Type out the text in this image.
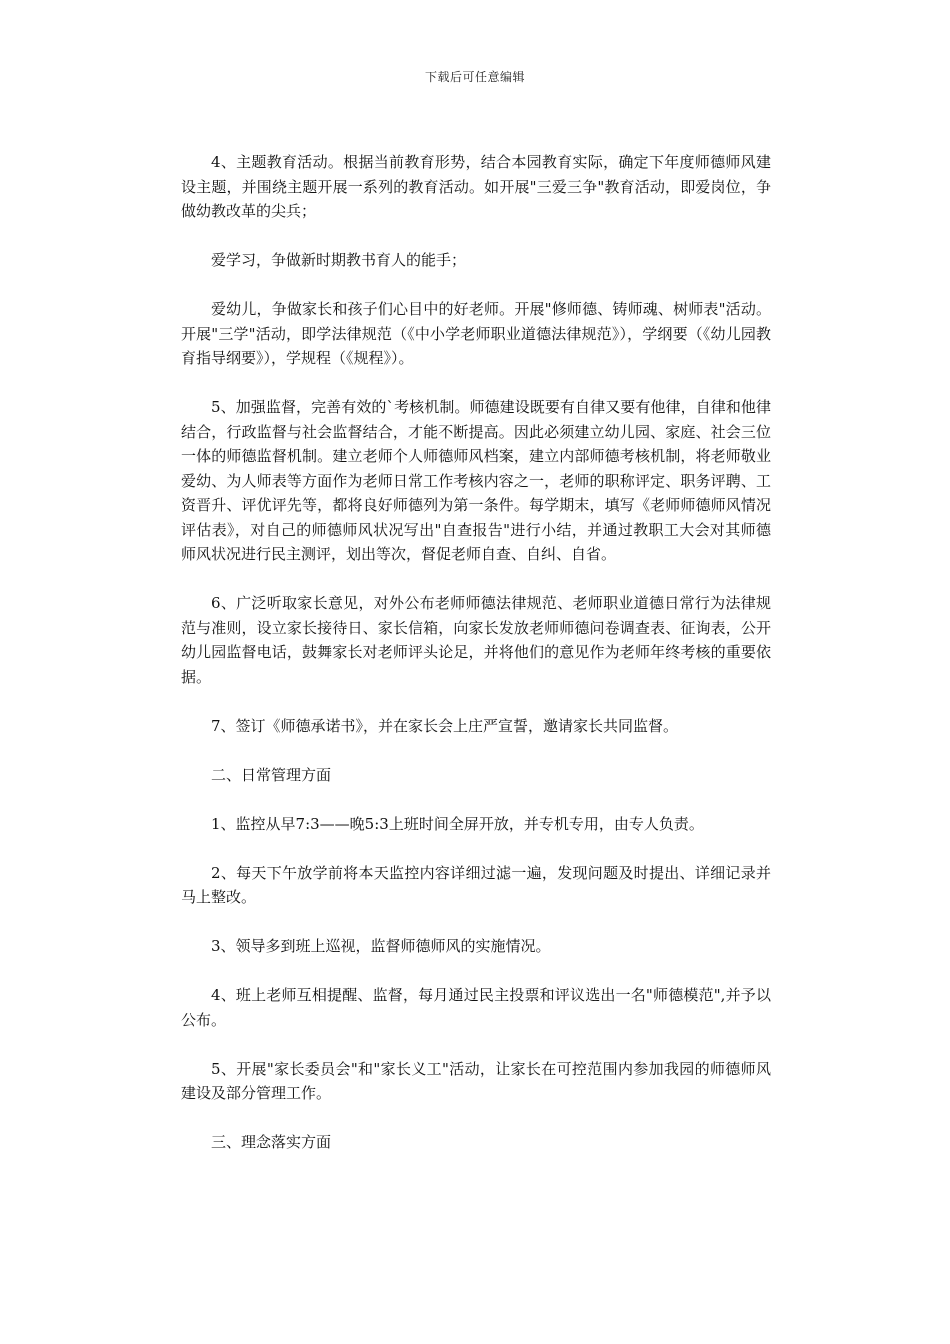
下载后可任意编辑

4、主题教育活动。根据当前教育形势，结合本园教育实际，确定下年度师德师风建设主题，并围绕主题开展一系列的教育活动。如开展"三爱三争"教育活动，即爱岗位，争做幼教改革的尖兵；

爱学习，争做新时期教书育人的能手；

爱幼儿，争做家长和孩子们心目中的好老师。开展"修师德、铸师魂、树师表"活动。开展"三学"活动，即学法律规范（《中小学老师职业道德法律规范》），学纲要（《幼儿园教育指导纲要》），学规程（《规程》）。

5、加强监督，完善有效的`考核机制。师德建设既要有自律又要有他律，自律和他律结合，行政监督与社会监督结合，才能不断提高。因此必须建立幼儿园、家庭、社会三位一体的师德监督机制。建立老师个人师德师风档案，建立内部师德考核机制，将老师敬业爱幼、为人师表等方面作为老师日常工作考核内容之一，老师的职称评定、职务评聘、工资晋升、评优评先等，都将良好师德列为第一条件。每学期末，填写《老师师德师风情况评估表》，对自己的师德师风状况写出"自查报告"进行小结，并通过教职工大会对其师德师风状况进行民主测评，划出等次，督促老师自查、自纠、自省。

6、广泛听取家长意见，对外公布老师师德法律规范、老师职业道德日常行为法律规范与准则，设立家长接待日、家长信箱，向家长发放老师师德问卷调查表、征询表，公开幼儿园监督电话，鼓舞家长对老师评头论足，并将他们的意见作为老师年终考核的重要依据。

7、签订《师德承诺书》，并在家长会上庄严宣誓，邀请家长共同监督。

二、日常管理方面

1、监控从早7:3——晚5:3上班时间全屏开放，并专机专用，由专人负责。

2、每天下午放学前将本天监控内容详细过滤一遍，发现问题及时提出、详细记录并马上整改。

3、领导多到班上巡视，监督师德师风的实施情况。

4、班上老师互相提醒、监督，每月通过民主投票和评议选出一名"师德模范",并予以公布。

5、开展"家长委员会"和"家长义工"活动，让家长在可控范围内参加我园的师德师风建设及部分管理工作。

三、理念落实方面
